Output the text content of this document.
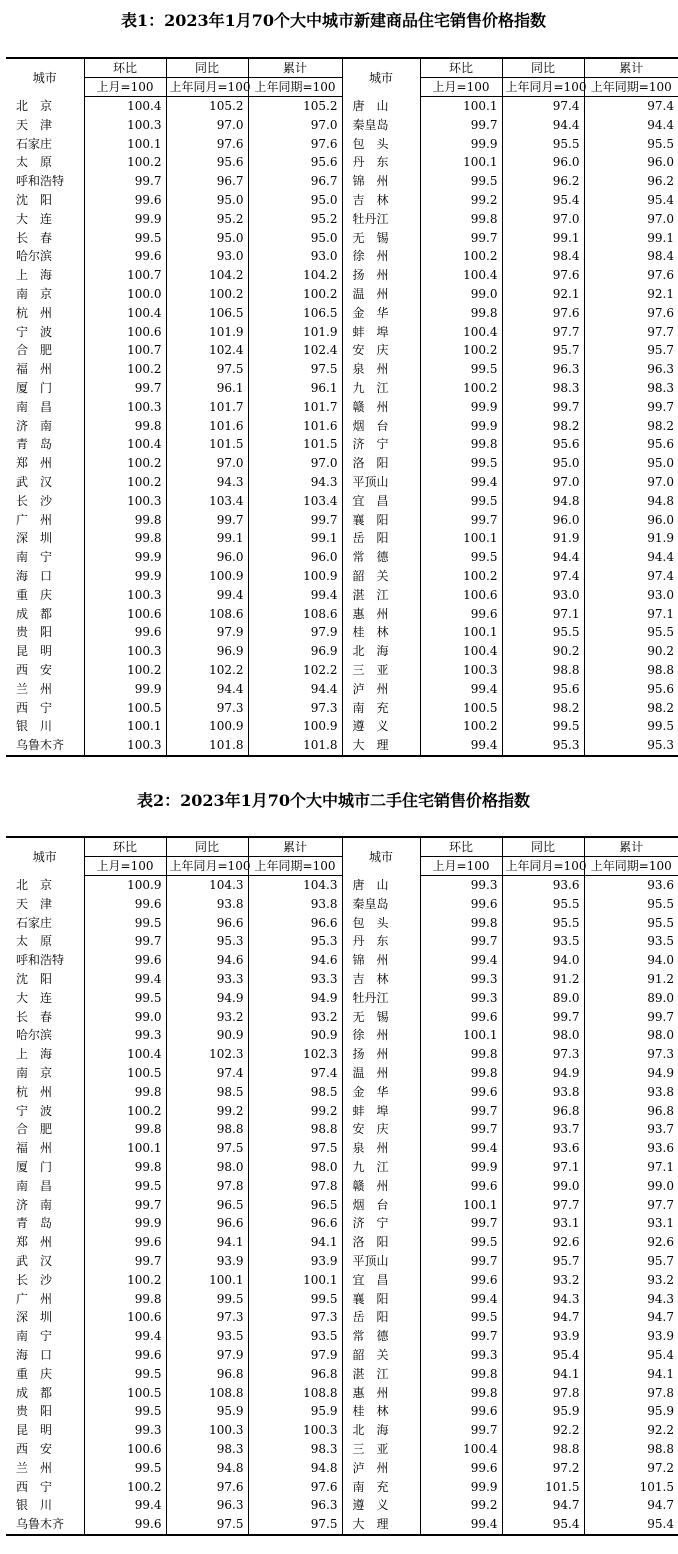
表1：2023年1月70个大中城市新建商品住宅销售价格指数
城市	环比	同比	累计	城市	环比	同比	累计
	上月=100	上年同月=100	上年同期=100		上月=100	上年同月=100	上年同期=100
北　京	100.4	105.2	105.2	唐　山	100.1	97.4	97.4
天　津	100.3	97.0	97.0	秦皇岛	99.7	94.4	94.4
石家庄	100.1	97.6	97.6	包　头	99.9	95.5	95.5
太　原	100.2	95.6	95.6	丹　东	100.1	96.0	96.0
呼和浩特	99.7	96.7	96.7	锦　州	99.5	96.2	96.2
沈　阳	99.6	95.0	95.0	吉　林	99.2	95.4	95.4
大　连	99.9	95.2	95.2	牡丹江	99.8	97.0	97.0
长　春	99.5	95.0	95.0	无　锡	99.7	99.1	99.1
哈尔滨	99.6	93.0	93.0	徐　州	100.2	98.4	98.4
上　海	100.7	104.2	104.2	扬　州	100.4	97.6	97.6
南　京	100.0	100.2	100.2	温　州	99.0	92.1	92.1
杭　州	100.4	106.5	106.5	金　华	99.8	97.6	97.6
宁　波	100.6	101.9	101.9	蚌　埠	100.4	97.7	97.7
合　肥	100.7	102.4	102.4	安　庆	100.2	95.7	95.7
福　州	100.2	97.5	97.5	泉　州	99.5	96.3	96.3
厦　门	99.7	96.1	96.1	九　江	100.2	98.3	98.3
南　昌	100.3	101.7	101.7	赣　州	99.9	99.7	99.7
济　南	99.8	101.6	101.6	烟　台	99.9	98.2	98.2
青　岛	100.4	101.5	101.5	济　宁	99.8	95.6	95.6
郑　州	100.2	97.0	97.0	洛　阳	99.5	95.0	95.0
武　汉	100.2	94.3	94.3	平顶山	99.4	97.0	97.0
长　沙	100.3	103.4	103.4	宜　昌	99.5	94.8	94.8
广　州	99.8	99.7	99.7	襄　阳	99.7	96.0	96.0
深　圳	99.8	99.1	99.1	岳　阳	100.1	91.9	91.9
南　宁	99.9	96.0	96.0	常　德	99.5	94.4	94.4
海　口	99.9	100.9	100.9	韶　关	100.2	97.4	97.4
重　庆	100.3	99.4	99.4	湛　江	100.6	93.0	93.0
成　都	100.6	108.6	108.6	惠　州	99.6	97.1	97.1
贵　阳	99.6	97.9	97.9	桂　林	100.1	95.5	95.5
昆　明	100.3	96.9	96.9	北　海	100.4	90.2	90.2
西　安	100.2	102.2	102.2	三　亚	100.3	98.8	98.8
兰　州	99.9	94.4	94.4	泸　州	99.4	95.6	95.6
西　宁	100.5	97.3	97.3	南　充	100.5	98.2	98.2
银　川	100.1	100.9	100.9	遵　义	100.2	99.5	99.5
乌鲁木齐	100.3	101.8	101.8	大　理	99.4	95.3	95.3
表2：2023年1月70个大中城市二手住宅销售价格指数
城市	环比	同比	累计	城市	环比	同比	累计
	上月=100	上年同月=100	上年同期=100		上月=100	上年同月=100	上年同期=100
北　京	100.9	104.3	104.3	唐　山	99.3	93.6	93.6
天　津	99.6	93.8	93.8	秦皇岛	99.6	95.5	95.5
石家庄	99.5	96.6	96.6	包　头	99.8	95.5	95.5
太　原	99.7	95.3	95.3	丹　东	99.7	93.5	93.5
呼和浩特	99.6	94.6	94.6	锦　州	99.4	94.0	94.0
沈　阳	99.4	93.3	93.3	吉　林	99.3	91.2	91.2
大　连	99.5	94.9	94.9	牡丹江	99.3	89.0	89.0
长　春	99.0	93.2	93.2	无　锡	99.6	99.7	99.7
哈尔滨	99.3	90.9	90.9	徐　州	100.1	98.0	98.0
上　海	100.4	102.3	102.3	扬　州	99.8	97.3	97.3
南　京	100.5	97.4	97.4	温　州	99.8	94.9	94.9
杭　州	99.8	98.5	98.5	金　华	99.6	93.8	93.8
宁　波	100.2	99.2	99.2	蚌　埠	99.7	96.8	96.8
合　肥	99.8	98.8	98.8	安　庆	99.7	93.7	93.7
福　州	100.1	97.5	97.5	泉　州	99.4	93.6	93.6
厦　门	99.8	98.0	98.0	九　江	99.9	97.1	97.1
南　昌	99.5	97.8	97.8	赣　州	99.6	99.0	99.0
济　南	99.7	96.5	96.5	烟　台	100.1	97.7	97.7
青　岛	99.9	96.6	96.6	济　宁	99.7	93.1	93.1
郑　州	99.6	94.1	94.1	洛　阳	99.5	92.6	92.6
武　汉	99.7	93.9	93.9	平顶山	99.7	95.7	95.7
长　沙	100.2	100.1	100.1	宜　昌	99.6	93.2	93.2
广　州	99.8	99.5	99.5	襄　阳	99.4	94.3	94.3
深　圳	100.6	97.3	97.3	岳　阳	99.5	94.7	94.7
南　宁	99.4	93.5	93.5	常　德	99.7	93.9	93.9
海　口	99.6	97.9	97.9	韶　关	99.3	95.4	95.4
重　庆	99.5	96.8	96.8	湛　江	99.8	94.1	94.1
成　都	100.5	108.8	108.8	惠　州	99.8	97.8	97.8
贵　阳	99.5	95.9	95.9	桂　林	99.6	95.9	95.9
昆　明	99.3	100.3	100.3	北　海	99.7	92.2	92.2
西　安	100.6	98.3	98.3	三　亚	100.4	98.8	98.8
兰　州	99.5	94.8	94.8	泸　州	99.6	97.2	97.2
西　宁	100.2	97.6	97.6	南　充	99.9	101.5	101.5
银　川	99.4	96.3	96.3	遵　义	99.2	94.7	94.7
乌鲁木齐	99.6	97.5	97.5	大　理	99.4	95.4	95.4
